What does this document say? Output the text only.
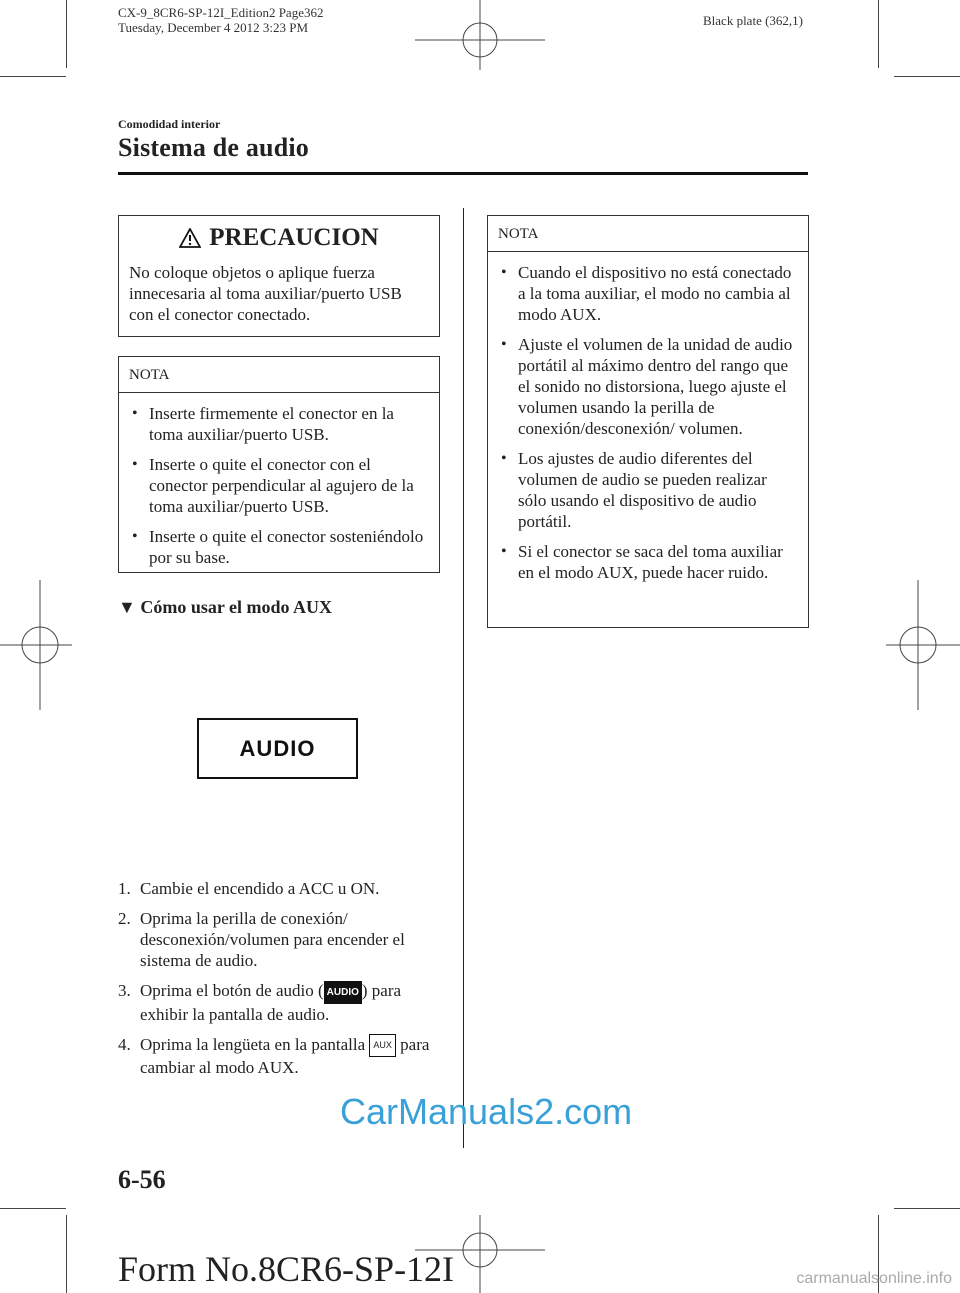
CX-9_8CR6-SP-12I_Edition2 Page362
Tuesday, December 4 2012 3:23 PM	Black plate (362,1)
Comodidad interior
Sistema de audio
PRECAUCION
No coloque objetos o aplique fuerza innecesaria al toma auxiliar/puerto USB con el conector conectado.
NOTA
• Inserte firmemente el conector en la toma auxiliar/puerto USB.
• Inserte o quite el conector con el conector perpendicular al agujero de la toma auxiliar/puerto USB.
• Inserte o quite el conector sosteniéndolo por su base.
▼ Cómo usar el modo AUX
AUDIO
1. Cambie el encendido a ACC u ON.
2. Oprima la perilla de conexión/ desconexión/volumen para encender el sistema de audio.
3. Oprima el botón de audio ( AUDIO ) para exhibir la pantalla de audio.
4. Oprima la lengüeta en la pantalla AUX para cambiar al modo AUX.
NOTA
• Cuando el dispositivo no está conectado a la toma auxiliar, el modo no cambia al modo AUX.
• Ajuste el volumen de la unidad de audio portátil al máximo dentro del rango que el sonido no distorsiona, luego ajuste el volumen usando la perilla de conexión/desconexión/ volumen.
• Los ajustes de audio diferentes del volumen de audio se pueden realizar sólo usando el dispositivo de audio portátil.
• Si el conector se saca del toma auxiliar en el modo AUX, puede hacer ruido.
CarManuals2.com
6-56
Form No.8CR6-SP-12I	carmanualsonline.info
